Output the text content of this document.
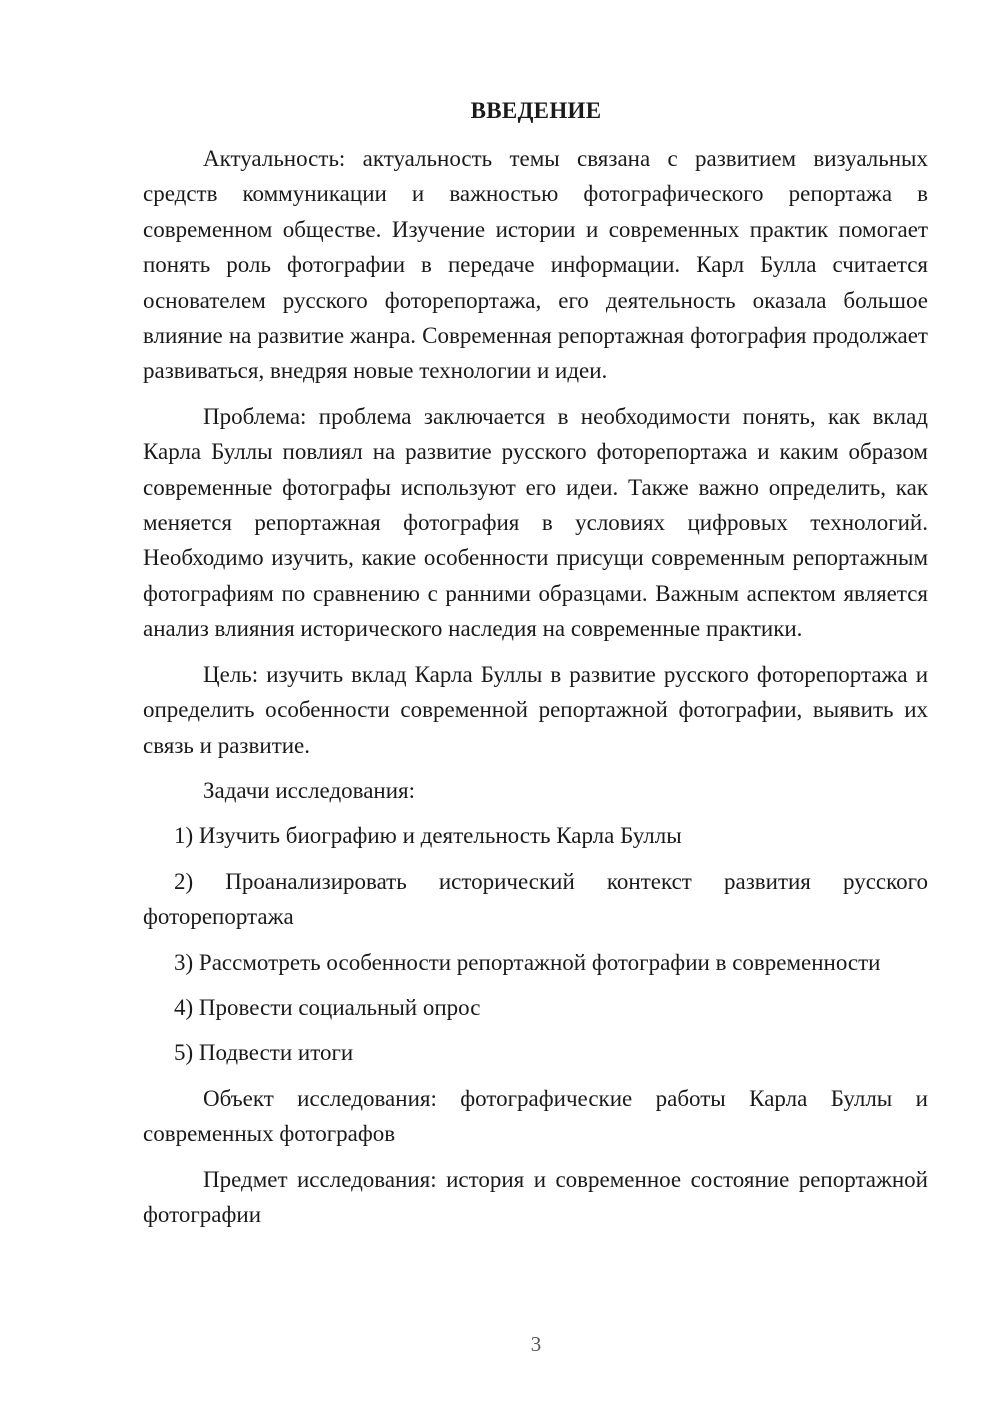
ВВЕДЕНИЕ

Актуальность: актуальность темы связана с развитием визуальных средств коммуникации и важностью фотографического репортажа в современном обществе. Изучение истории и современных практик помогает понять роль фотографии в передаче информации. Карл Булла считается основателем русского фоторепортажа, его деятельность оказала большое влияние на развитие жанра. Современная репортажная фотография продолжает развиваться, внедряя новые технологии и идеи.

Проблема: проблема заключается в необходимости понять, как вклад Карла Буллы повлиял на развитие русского фоторепортажа и каким образом современные фотографы используют его идеи. Также важно определить, как меняется репортажная фотография в условиях цифровых технологий. Необходимо изучить, какие особенности присущи современным репортажным фотографиям по сравнению с ранними образцами. Важным аспектом является анализ влияния исторического наследия на современные практики.

Цель: изучить вклад Карла Буллы в развитие русского фоторепортажа и определить особенности современной репортажной фотографии, выявить их связь и развитие.

Задачи исследования:

1) Изучить биографию и деятельность Карла Буллы

2) Проанализировать исторический контекст развития русского фоторепортажа

3) Рассмотреть особенности репортажной фотографии в современности

4) Провести социальный опрос

5) Подвести итоги

Объект исследования: фотографические работы Карла Буллы и современных фотографов

Предмет исследования: история и современное состояние репортажной фотографии

3
